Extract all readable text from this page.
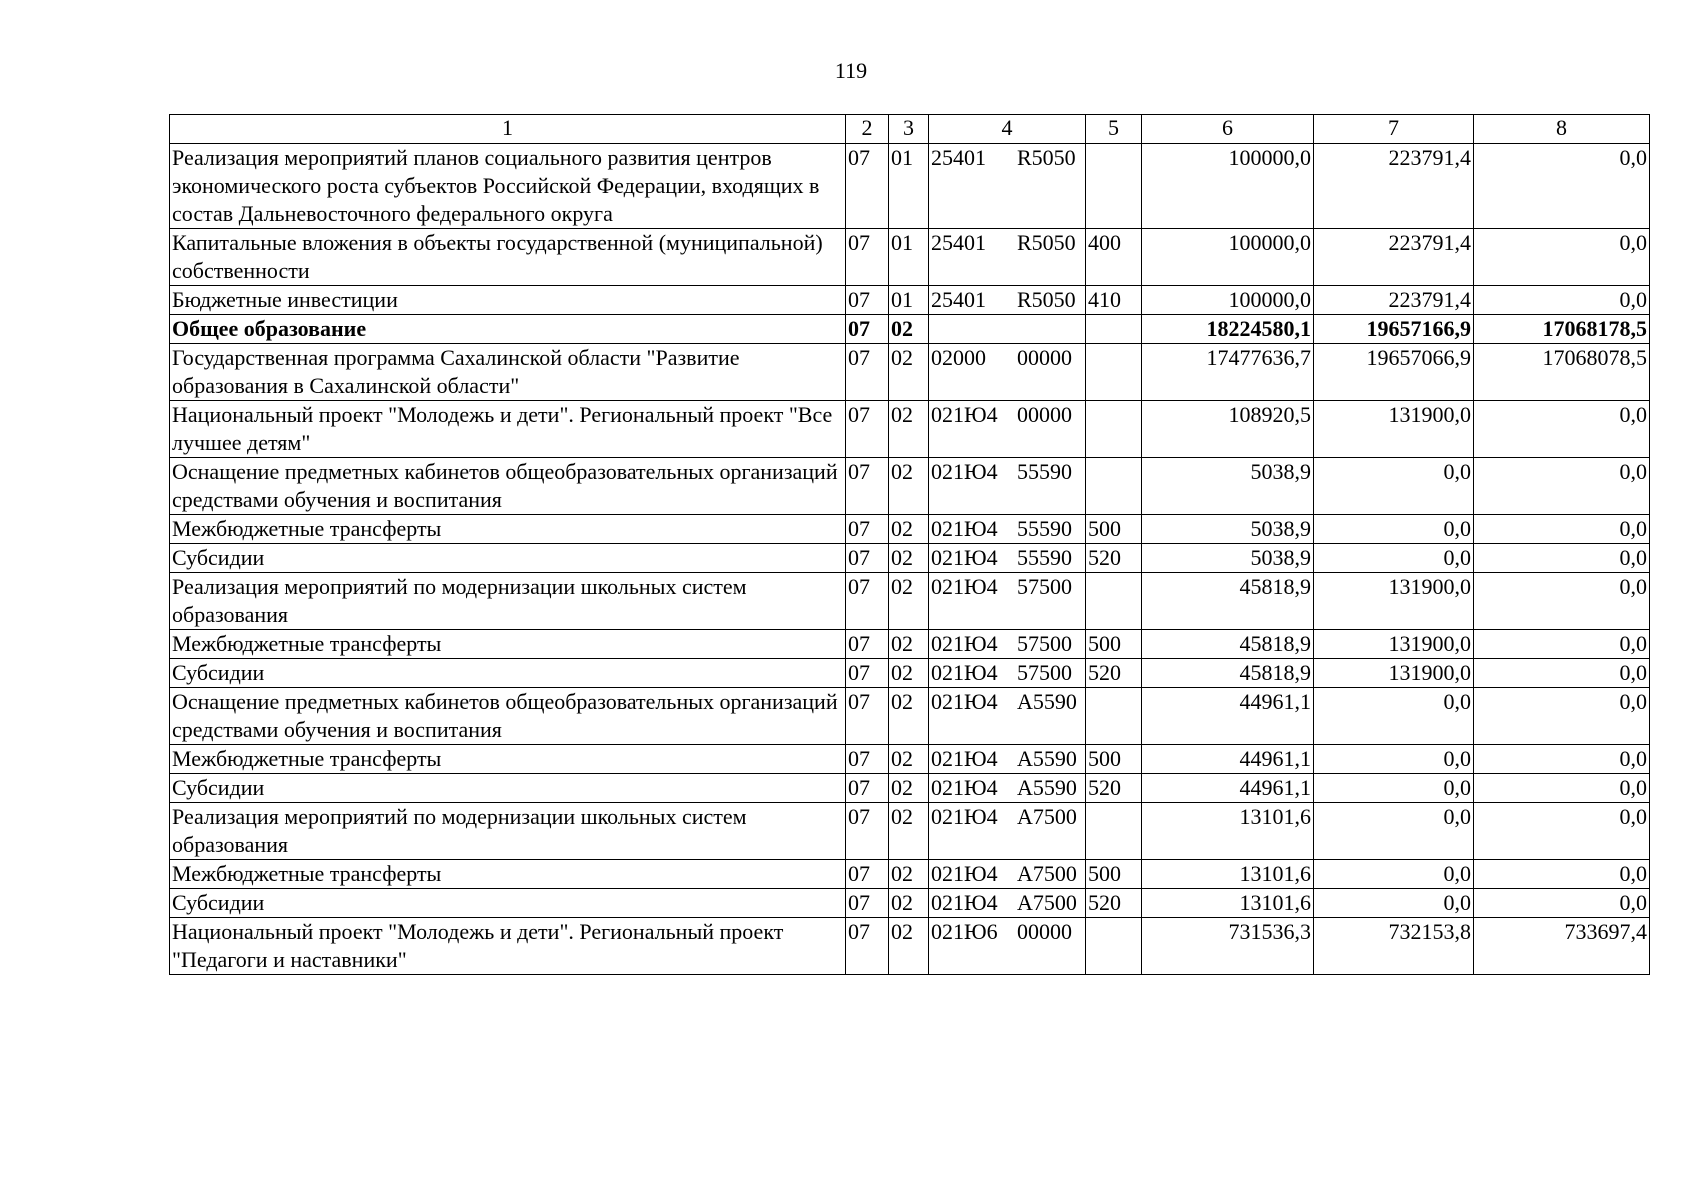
119
1	2	3	4	5	6	7	8
Реализация мероприятий планов социального развития центров экономического роста субъектов Российской Федерации, входящих в состав Дальневосточного федерального округа	07	01	25401 R5050		100000,0	223791,4	0,0
Капитальные вложения в объекты государственной (муниципальной) собственности	07	01	25401 R5050	400	100000,0	223791,4	0,0
Бюджетные инвестиции	07	01	25401 R5050	410	100000,0	223791,4	0,0
Общее образование	07	02			18224580,1	19657166,9	17068178,5
Государственная программа Сахалинской области "Развитие образования в Сахалинской области"	07	02	02000 00000		17477636,7	19657066,9	17068078,5
Национальный проект "Молодежь и дети". Региональный проект "Все лучшее детям"	07	02	021Ю4 00000		108920,5	131900,0	0,0
Оснащение предметных кабинетов общеобразовательных организаций средствами обучения и воспитания	07	02	021Ю4 55590		5038,9	0,0	0,0
Межбюджетные трансферты	07	02	021Ю4 55590	500	5038,9	0,0	0,0
Субсидии	07	02	021Ю4 55590	520	5038,9	0,0	0,0
Реализация мероприятий по модернизации школьных систем образования	07	02	021Ю4 57500		45818,9	131900,0	0,0
Межбюджетные трансферты	07	02	021Ю4 57500	500	45818,9	131900,0	0,0
Субсидии	07	02	021Ю4 57500	520	45818,9	131900,0	0,0
Оснащение предметных кабинетов общеобразовательных организаций средствами обучения и воспитания	07	02	021Ю4 A5590		44961,1	0,0	0,0
Межбюджетные трансферты	07	02	021Ю4 A5590	500	44961,1	0,0	0,0
Субсидии	07	02	021Ю4 A5590	520	44961,1	0,0	0,0
Реализация мероприятий по модернизации школьных систем образования	07	02	021Ю4 A7500		13101,6	0,0	0,0
Межбюджетные трансферты	07	02	021Ю4 A7500	500	13101,6	0,0	0,0
Субсидии	07	02	021Ю4 A7500	520	13101,6	0,0	0,0
Национальный проект "Молодежь и дети". Региональный проект "Педагоги и наставники"	07	02	021Ю6 00000		731536,3	732153,8	733697,4
